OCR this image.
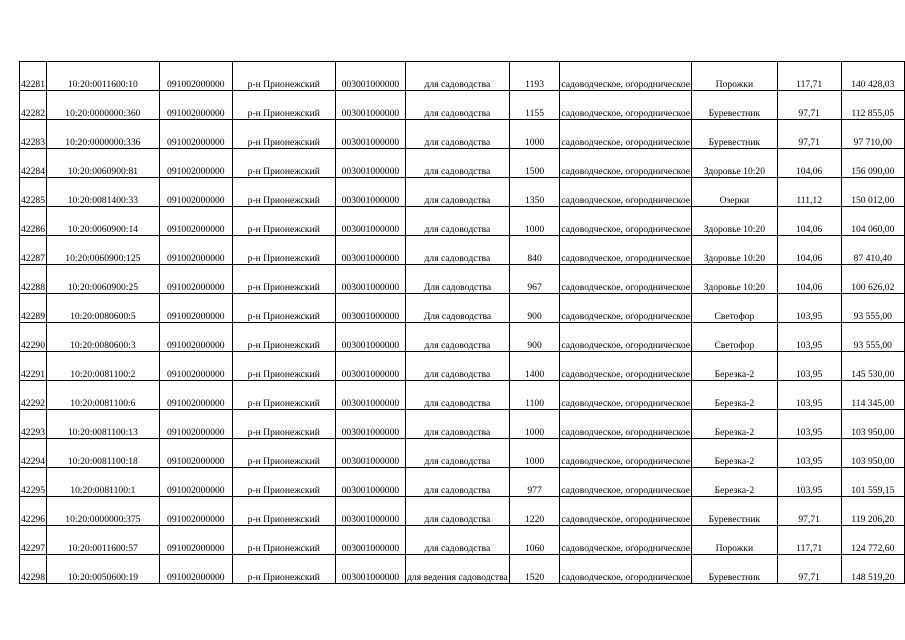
42281	10:20:0011600:10	091002000000	р-н Прионежский	003001000000	для садоводства	1193	садоводческое, огородническое	Порожки	117,71	140 428,03
42282	10:20:0000000:360	091002000000	р-н Прионежский	003001000000	для садоводства	1155	садоводческое, огородническое	Буревестник	97,71	112 855,05
42283	10:20:0000000:336	091002000000	р-н Прионежский	003001000000	для садоводства	1000	садоводческое, огородническое	Буревестник	97,71	97 710,00
42284	10:20:0060900:81	091002000000	р-н Прионежский	003001000000	для садоводства	1500	садоводческое, огородническое	Здоровье 10:20	104,06	156 090,00
42285	10:20:0081400:33	091002000000	р-н Прионежский	003001000000	для садоводства	1350	садоводческое, огородническое	Озерки	111,12	150 012,00
42286	10:20:0060900:14	091002000000	р-н Прионежский	003001000000	для садоводства	1000	садоводческое, огородническое	Здоровье 10:20	104,06	104 060,00
42287	10:20:0060900:125	091002000000	р-н Прионежский	003001000000	для садоводства	840	садоводческое, огородническое	Здоровье 10:20	104,06	87 410,40
42288	10:20:0060900:25	091002000000	р-н Прионежский	003001000000	Для садоводства	967	садоводческое, огородническое	Здоровье 10:20	104,06	100 626,02
42289	10:20:0080600:5	091002000000	р-н Прионежский	003001000000	Для садоводства	900	садоводческое, огородническое	Светофор	103,95	93 555,00
42290	10:20:0080600:3	091002000000	р-н Прионежский	003001000000	для садоводства	900	садоводческое, огородническое	Светофор	103,95	93 555,00
42291	10:20:0081100:2	091002000000	р-н Прионежский	003001000000	для садоводства	1400	садоводческое, огородническое	Березка-2	103,95	145 530,00
42292	10:20:0081100:6	091002000000	р-н Прионежский	003001000000	для садоводства	1100	садоводческое, огородническое	Березка-2	103,95	114 345,00
42293	10:20:0081100:13	091002000000	р-н Прионежский	003001000000	для садоводства	1000	садоводческое, огородническое	Березка-2	103,95	103 950,00
42294	10:20:0081100:18	091002000000	р-н Прионежский	003001000000	для садоводства	1000	садоводческое, огородническое	Березка-2	103,95	103 950,00
42295	10:20:0081100:1	091002000000	р-н Прионежский	003001000000	для садоводства	977	садоводческое, огородническое	Березка-2	103,95	101 559,15
42296	10:20:0000000:375	091002000000	р-н Прионежский	003001000000	для садоводства	1220	садоводческое, огородническое	Буревестник	97,71	119 206,20
42297	10:20:0011600:57	091002000000	р-н Прионежский	003001000000	для садоводства	1060	садоводческое, огородническое	Порожки	117,71	124 772,60
42298	10:20:0050600:19	091002000000	р-н Прионежский	003001000000	для ведения садоводства	1520	садоводческое, огородническое	Буревестник	97,71	148 519,20
